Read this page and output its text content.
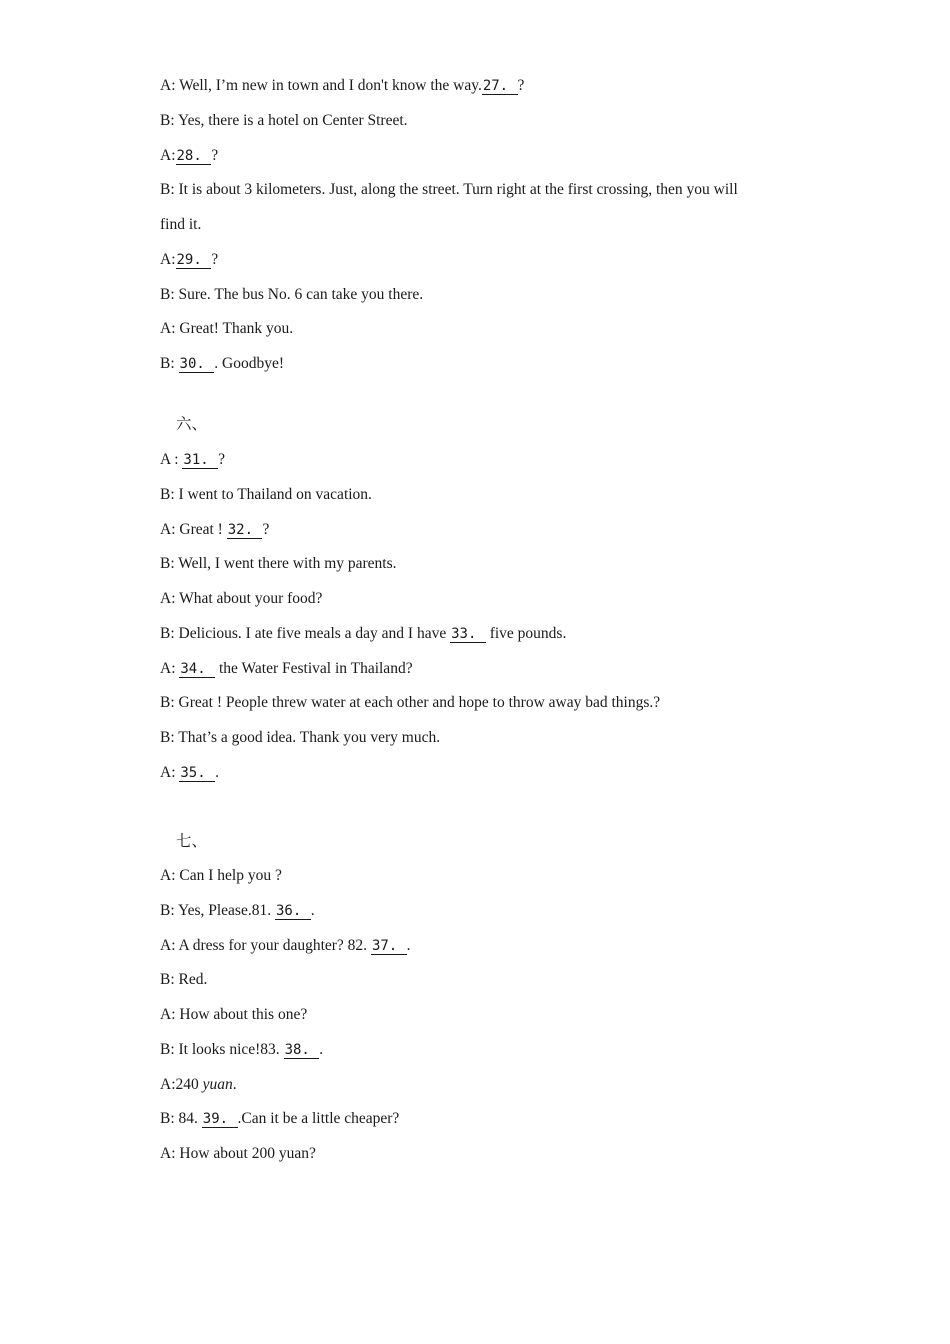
A: Well, I’m new in town and I don't know the way.27. ?
B: Yes, there is a hotel on Center Street.
A:28. ?
B: It is about 3 kilometers. Just, along the street. Turn right at the first crossing, then you will
find it.
A:29. ?
B: Sure. The bus No. 6 can take you there.
A: Great! Thank you.
B: 30. . Goodbye!
六、
A : 31. ?
B: I went to Thailand on vacation.
A: Great ! 32. ?
B: Well, I went there with my parents.
A: What about your food?
B: Delicious. I ate five meals a day and I have 33.  five pounds.
A: 34.  the Water Festival in Thailand?
B: Great ! People threw water at each other and hope to throw away bad things.?
B: That’s a good idea. Thank you very much.
A: 35. .
七、
A: Can I help you ?
B: Yes, Please.81. 36. .
A: A dress for your daughter? 82. 37. .
B: Red.
A: How about this one?
B: It looks nice!83. 38. .
A:240 yuan.
B: 84. 39. .Can it be a little cheaper?
A: How about 200 yuan?
